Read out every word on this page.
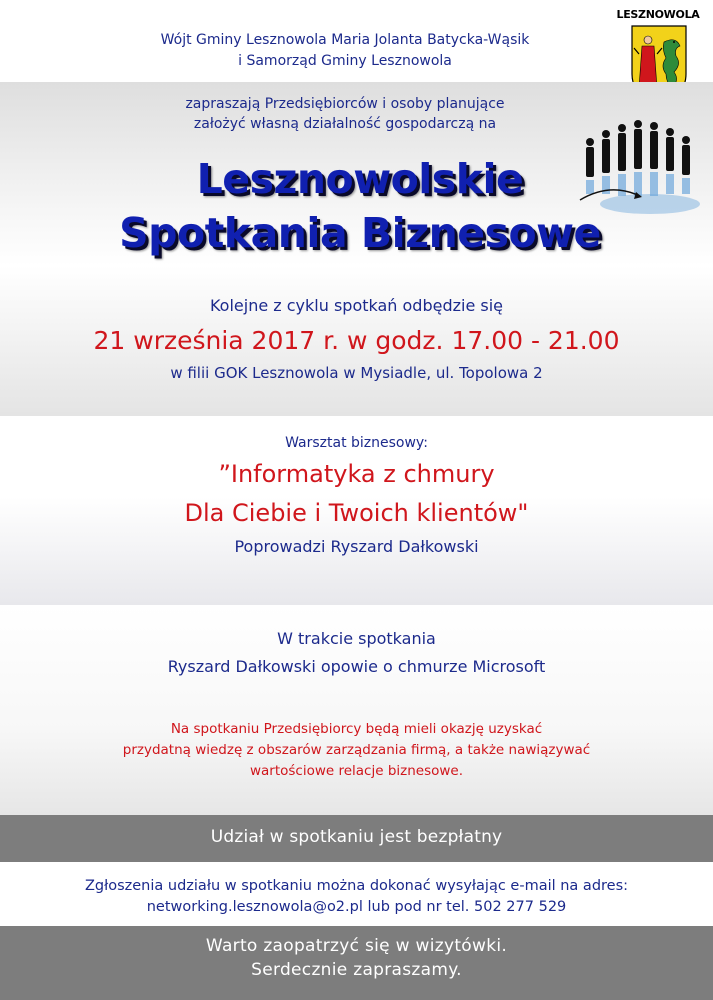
Wójt Gminy Lesznowola Maria Jolanta Batycka-Wąsik
i Samorząd Gminy Lesznowola
LESZNOWOLA
zapraszają Przedsiębiorców i osoby planujące
założyć własną działalność gospodarczą na
Lesznowolskie
Spotkania Biznesowe
Kolejne z cyklu spotkań odbędzie się
21 września 2017 r. w godz. 17.00 - 21.00
w filii GOK Lesznowola w Mysiadle, ul. Topolowa 2
Warsztat biznesowy:
”Informatyka z chmury
Dla Ciebie i Twoich klientów"
Poprowadzi Ryszard Dałkowski
W trakcie spotkania
Ryszard Dałkowski opowie o chmurze Microsoft
Na spotkaniu Przedsiębiorcy będą mieli okazję uzyskać
przydatną wiedzę z obszarów zarządzania firmą, a także nawiązywać
wartościowe relacje biznesowe.
Udział w spotkaniu jest bezpłatny
Zgłoszenia udziału w spotkaniu można dokonać wysyłając e-mail na adres:
networking.lesznowola@o2.pl lub pod nr tel. 502 277 529
Warto zaopatrzyć się w wizytówki.
Serdecznie zapraszamy.
